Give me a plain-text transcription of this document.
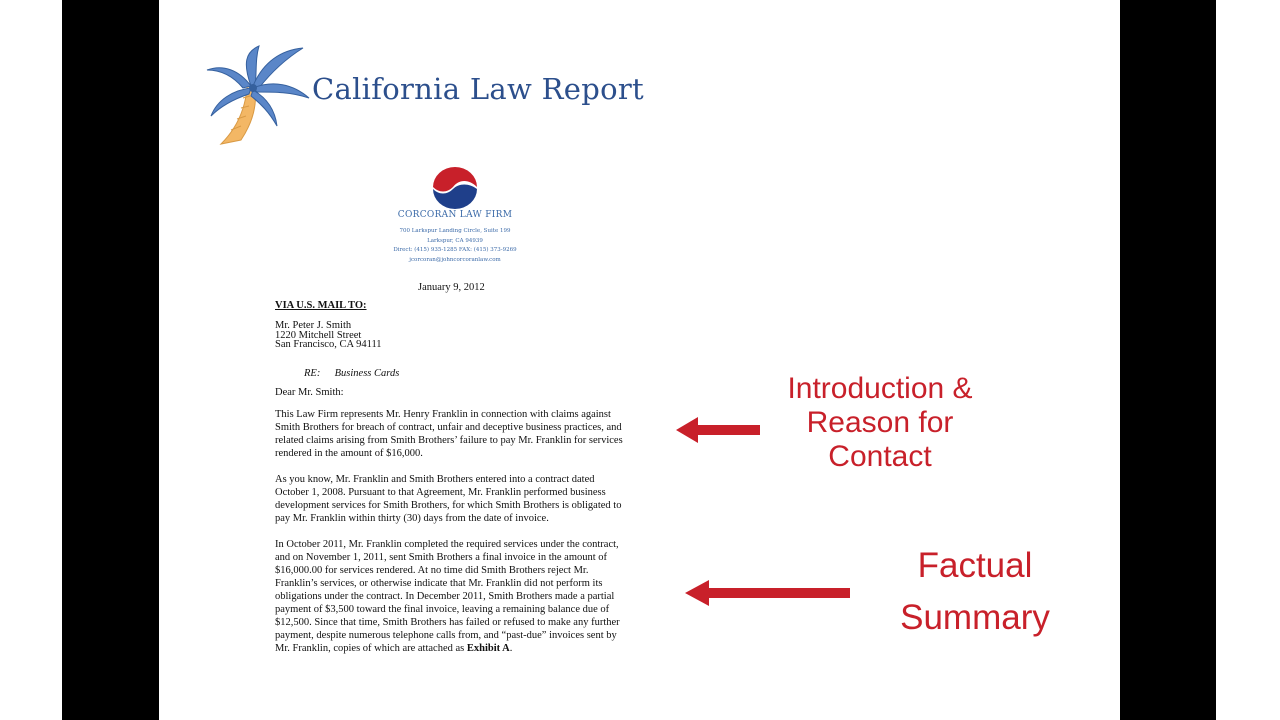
California Law Report
CORCORAN LAW FIRM
700 Larkspur Landing Circle, Suite 199
Larkspur, CA 94939
Direct: (415) 935-1285 FAX: (415) 373-9269
jcorcoran@johncorcoranlaw.com
January 9, 2012
VIA U.S. MAIL TO:
Mr. Peter J. Smith
1220 Mitchell Street
San Francisco, CA 94111
RE: Business Cards
Dear Mr. Smith:
This Law Firm represents Mr. Henry Franklin in connection with claims against
Smith Brothers for breach of contract, unfair and deceptive business practices, and
related claims arising from Smith Brothers’ failure to pay Mr. Franklin for services
rendered in the amount of $16,000.
As you know, Mr. Franklin and Smith Brothers entered into a contract dated
October 1, 2008. Pursuant to that Agreement, Mr. Franklin performed business
development services for Smith Brothers, for which Smith Brothers is obligated to
pay Mr. Franklin within thirty (30) days from the date of invoice.
In October 2011, Mr. Franklin completed the required services under the contract,
and on November 1, 2011, sent Smith Brothers a final invoice in the amount of
$16,000.00 for services rendered. At no time did Smith Brothers reject Mr.
Franklin’s services, or otherwise indicate that Mr. Franklin did not perform its
obligations under the contract. In December 2011, Smith Brothers made a partial
payment of $3,500 toward the final invoice, leaving a remaining balance due of
$12,500. Since that time, Smith Brothers has failed or refused to make any further
payment, despite numerous telephone calls from, and “past-due” invoices sent by
Mr. Franklin, copies of which are attached as Exhibit A.
Introduction &
Reason for
Contact
Factual
Summary
